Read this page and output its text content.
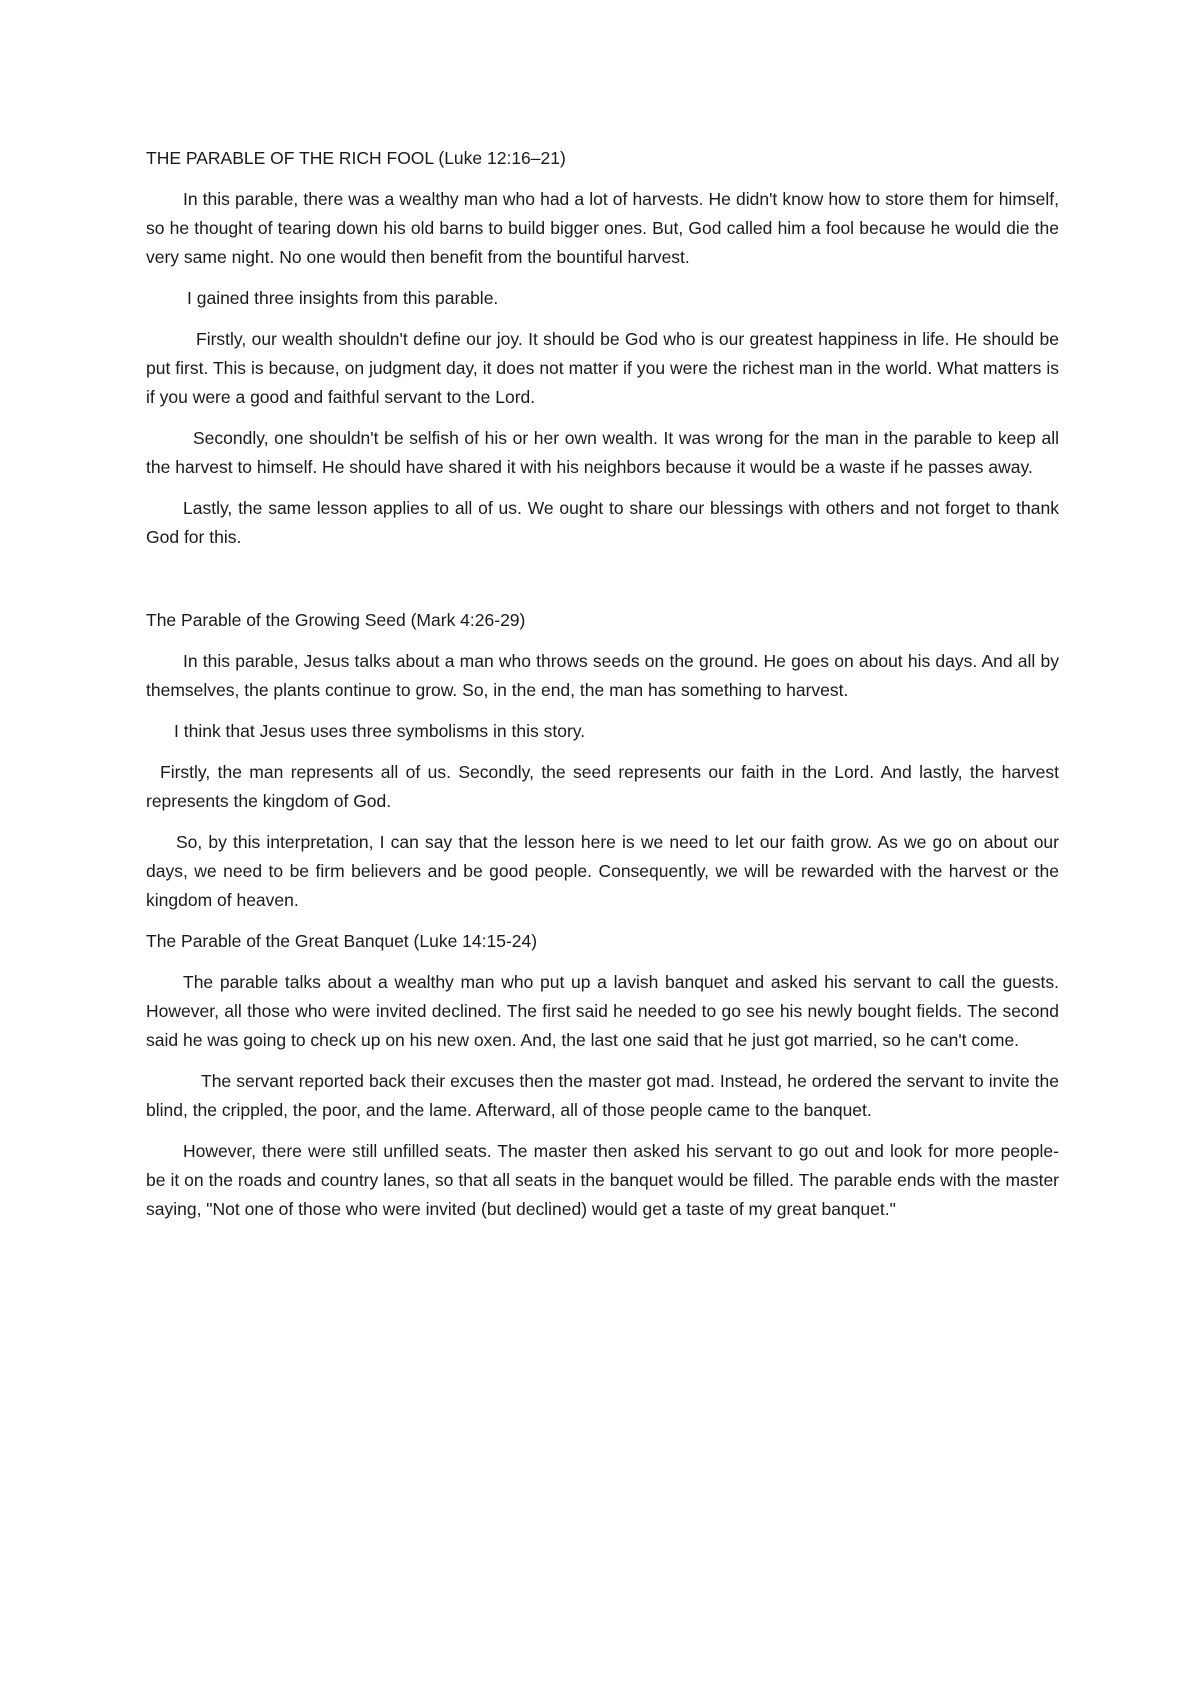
THE PARABLE OF THE RICH FOOL (Luke 12:16–21)

In this parable, there was a wealthy man who had a lot of harvests. He didn't know how to store them for himself, so he thought of tearing down his old barns to build bigger ones. But, God called him a fool because he would die the very same night. No one would then benefit from the bountiful harvest.

I gained three insights from this parable.

Firstly, our wealth shouldn't define our joy. It should be God who is our greatest happiness in life. He should be put first. This is because, on judgment day, it does not matter if you were the richest man in the world. What matters is if you were a good and faithful servant to the Lord.

Secondly, one shouldn't be selfish of his or her own wealth. It was wrong for the man in the parable to keep all the harvest to himself. He should have shared it with his neighbors because it would be a waste if he passes away.

Lastly, the same lesson applies to all of us. We ought to share our blessings with others and not forget to thank God for this.

The Parable of the Growing Seed (Mark 4:26-29)

In this parable, Jesus talks about a man who throws seeds on the ground. He goes on about his days. And all by themselves, the plants continue to grow. So, in the end, the man has something to harvest.

I think that Jesus uses three symbolisms in this story.

Firstly, the man represents all of us. Secondly, the seed represents our faith in the Lord. And lastly, the harvest represents the kingdom of God.

So, by this interpretation, I can say that the lesson here is we need to let our faith grow. As we go on about our days, we need to be firm believers and be good people. Consequently, we will be rewarded with the harvest or the kingdom of heaven.

The Parable of the Great Banquet (Luke 14:15-24)

The parable talks about a wealthy man who put up a lavish banquet and asked his servant to call the guests. However, all those who were invited declined. The first said he needed to go see his newly bought fields. The second said he was going to check up on his new oxen. And, the last one said that he just got married, so he can't come.

The servant reported back their excuses then the master got mad. Instead, he ordered the servant to invite the blind, the crippled, the poor, and the lame. Afterward, all of those people came to the banquet.

However, there were still unfilled seats. The master then asked his servant to go out and look for more people- be it on the roads and country lanes, so that all seats in the banquet would be filled. The parable ends with the master saying, "Not one of those who were invited (but declined) would get a taste of my great banquet."
